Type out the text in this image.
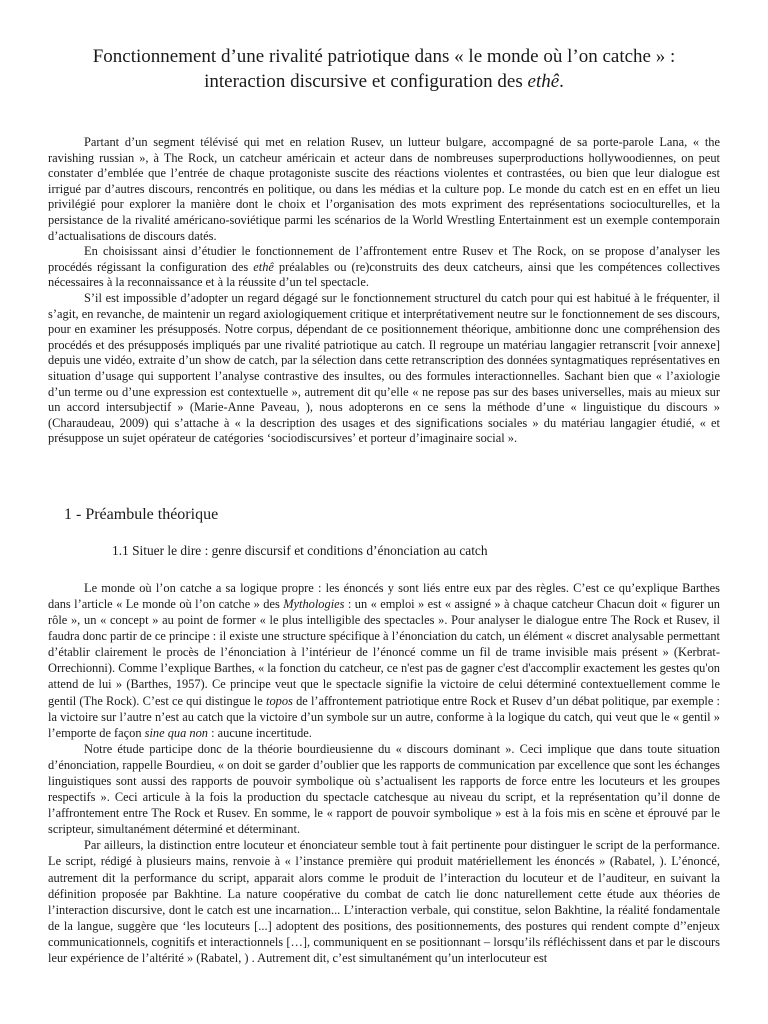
Fonctionnement d’une rivalité patriotique dans « le monde où l’on catche » :
interaction discursive et configuration des ethê.

Partant d’un segment télévisé qui met en relation Rusev, un lutteur bulgare, accompagné de sa porte-parole Lana, « the ravishing russian », à The Rock, un catcheur américain et acteur dans de nombreuses superproductions hollywoodiennes, on peut constater d’emblée que l’entrée de chaque protagoniste suscite des réactions violentes et contrastées, ou bien que leur dialogue est irrigué par d’autres discours, rencontrés en politique, ou dans les médias et la culture pop. Le monde du catch est en en effet un lieu privilégié pour explorer la manière dont le choix et l’organisation des mots expriment des représentations socioculturelles, et la persistance de la rivalité américano-soviétique parmi les scénarios de la World Wrestling Entertainment est un exemple contemporain d’actualisations de discours datés.

En choisissant ainsi d’étudier le fonctionnement de l’affrontement entre Rusev et The Rock, on se propose d’analyser les procédés régissant la configuration des ethê préalables ou (re)construits des deux catcheurs, ainsi que les compétences collectives nécessaires à la reconnaissance et à la réussite d’un tel spectacle.

S’il est impossible d’adopter un regard dégagé sur le fonctionnement structurel du catch pour qui est habitué à le fréquenter, il s’agit, en revanche, de maintenir un regard axiologiquement critique et interprétativement neutre sur le fonctionnement de ses discours, pour en examiner les présupposés. Notre corpus, dépendant de ce positionnement théorique, ambitionne donc une compréhension des procédés et des présupposés impliqués par une rivalité patriotique au catch. Il regroupe un matériau langagier retranscrit [voir annexe] depuis une vidéo, extraite d’un show de catch, par la sélection dans cette retranscription des données syntagmatiques représentatives en situation d’usage qui supportent l’analyse contrastive des insultes, ou des formules interactionnelles. Sachant bien que « l’axiologie d’un terme ou d’une expression est contextuelle », autrement dit qu’elle « ne repose pas sur des bases universelles, mais au mieux sur un accord intersubjectif » (Marie-Anne Paveau, ), nous adopterons en ce sens la méthode d’une « linguistique du discours » (Charaudeau, 2009) qui s’attache à « la description des usages et des significations sociales » du matériau langagier étudié, « et présuppose un sujet opérateur de catégories ‘sociodiscursives’ et porteur d’imaginaire social ».

1 - Préambule théorique
1.1 Situer le dire : genre discursif et conditions d’énonciation au catch

Le monde où l’on catche a sa logique propre : les énoncés y sont liés entre eux par des règles. C’est ce qu’explique Barthes dans l’article « Le monde où l’on catche » des Mythologies : un « emploi » est « assigné » à chaque catcheur Chacun doit « figurer un rôle », un « concept » au point de former « le plus intelligible des spectacles ». Pour analyser le dialogue entre The Rock et Rusev, il faudra donc partir de ce principe : il existe une structure spécifique à l’énonciation du catch, un élément « discret analysable permettant d’établir clairement le procès de l’énonciation à l’intérieur de l’énoncé comme un fil de trame invisible mais présent » (Kerbrat-Orrechionni). Comme l’explique Barthes, « la fonction du catcheur, ce n'est pas de gagner c'est d'accomplir exactement les gestes qu'on attend de lui » (Barthes, 1957). Ce principe veut que le spectacle signifie la victoire de celui déterminé contextuellement comme le gentil (The Rock). C’est ce qui distingue le topos de l’affrontement patriotique entre Rock et Rusev d’un débat politique, par exemple : la victoire sur l’autre n’est au catch que la victoire d’un symbole sur un autre, conforme à la logique du catch, qui veut que le « gentil » l’emporte de façon sine qua non : aucune incertitude.

Notre étude participe donc de la théorie bourdieusienne du « discours dominant ». Ceci implique que dans toute situation d’énonciation, rappelle Bourdieu, « on doit se garder d’oublier que les rapports de communication par excellence que sont les échanges linguistiques sont aussi des rapports de pouvoir symbolique où s’actualisent les rapports de force entre les locuteurs et les groupes respectifs ». Ceci articule à la fois la production du spectacle catchesque au niveau du script, et la représentation qu’il donne de l’affrontement entre The Rock et Rusev. En somme, le « rapport de pouvoir symbolique » est à la fois mis en scène et éprouvé par le scripteur, simultanément déterminé et déterminant.

Par ailleurs, la distinction entre locuteur et énonciateur semble tout à fait pertinente pour distinguer le script de la performance. Le script, rédigé à plusieurs mains, renvoie à « l’instance première qui produit matériellement les énoncés » (Rabatel, ). L’énoncé, autrement dit la performance du script, apparait alors comme le produit de l’interaction du locuteur et de l’auditeur, en suivant la définition proposée par Bakhtine. La nature coopérative du combat de catch lie donc naturellement cette étude aux théories de l’interaction discursive, dont le catch est une incarnation... L’interaction verbale, qui constitue, selon Bakhtine, la réalité fondamentale de la langue, suggère que ‘les locuteurs [...] adoptent des positions, des positionnements, des postures qui rendent compte d’’enjeux communicationnels, cognitifs et interactionnels […], communiquent en se positionnant – lorsqu’ils réfléchissent dans et par le discours leur expérience de l’altérité » (Rabatel, ) . Autrement dit, c’est simultanément qu’un interlocuteur est
